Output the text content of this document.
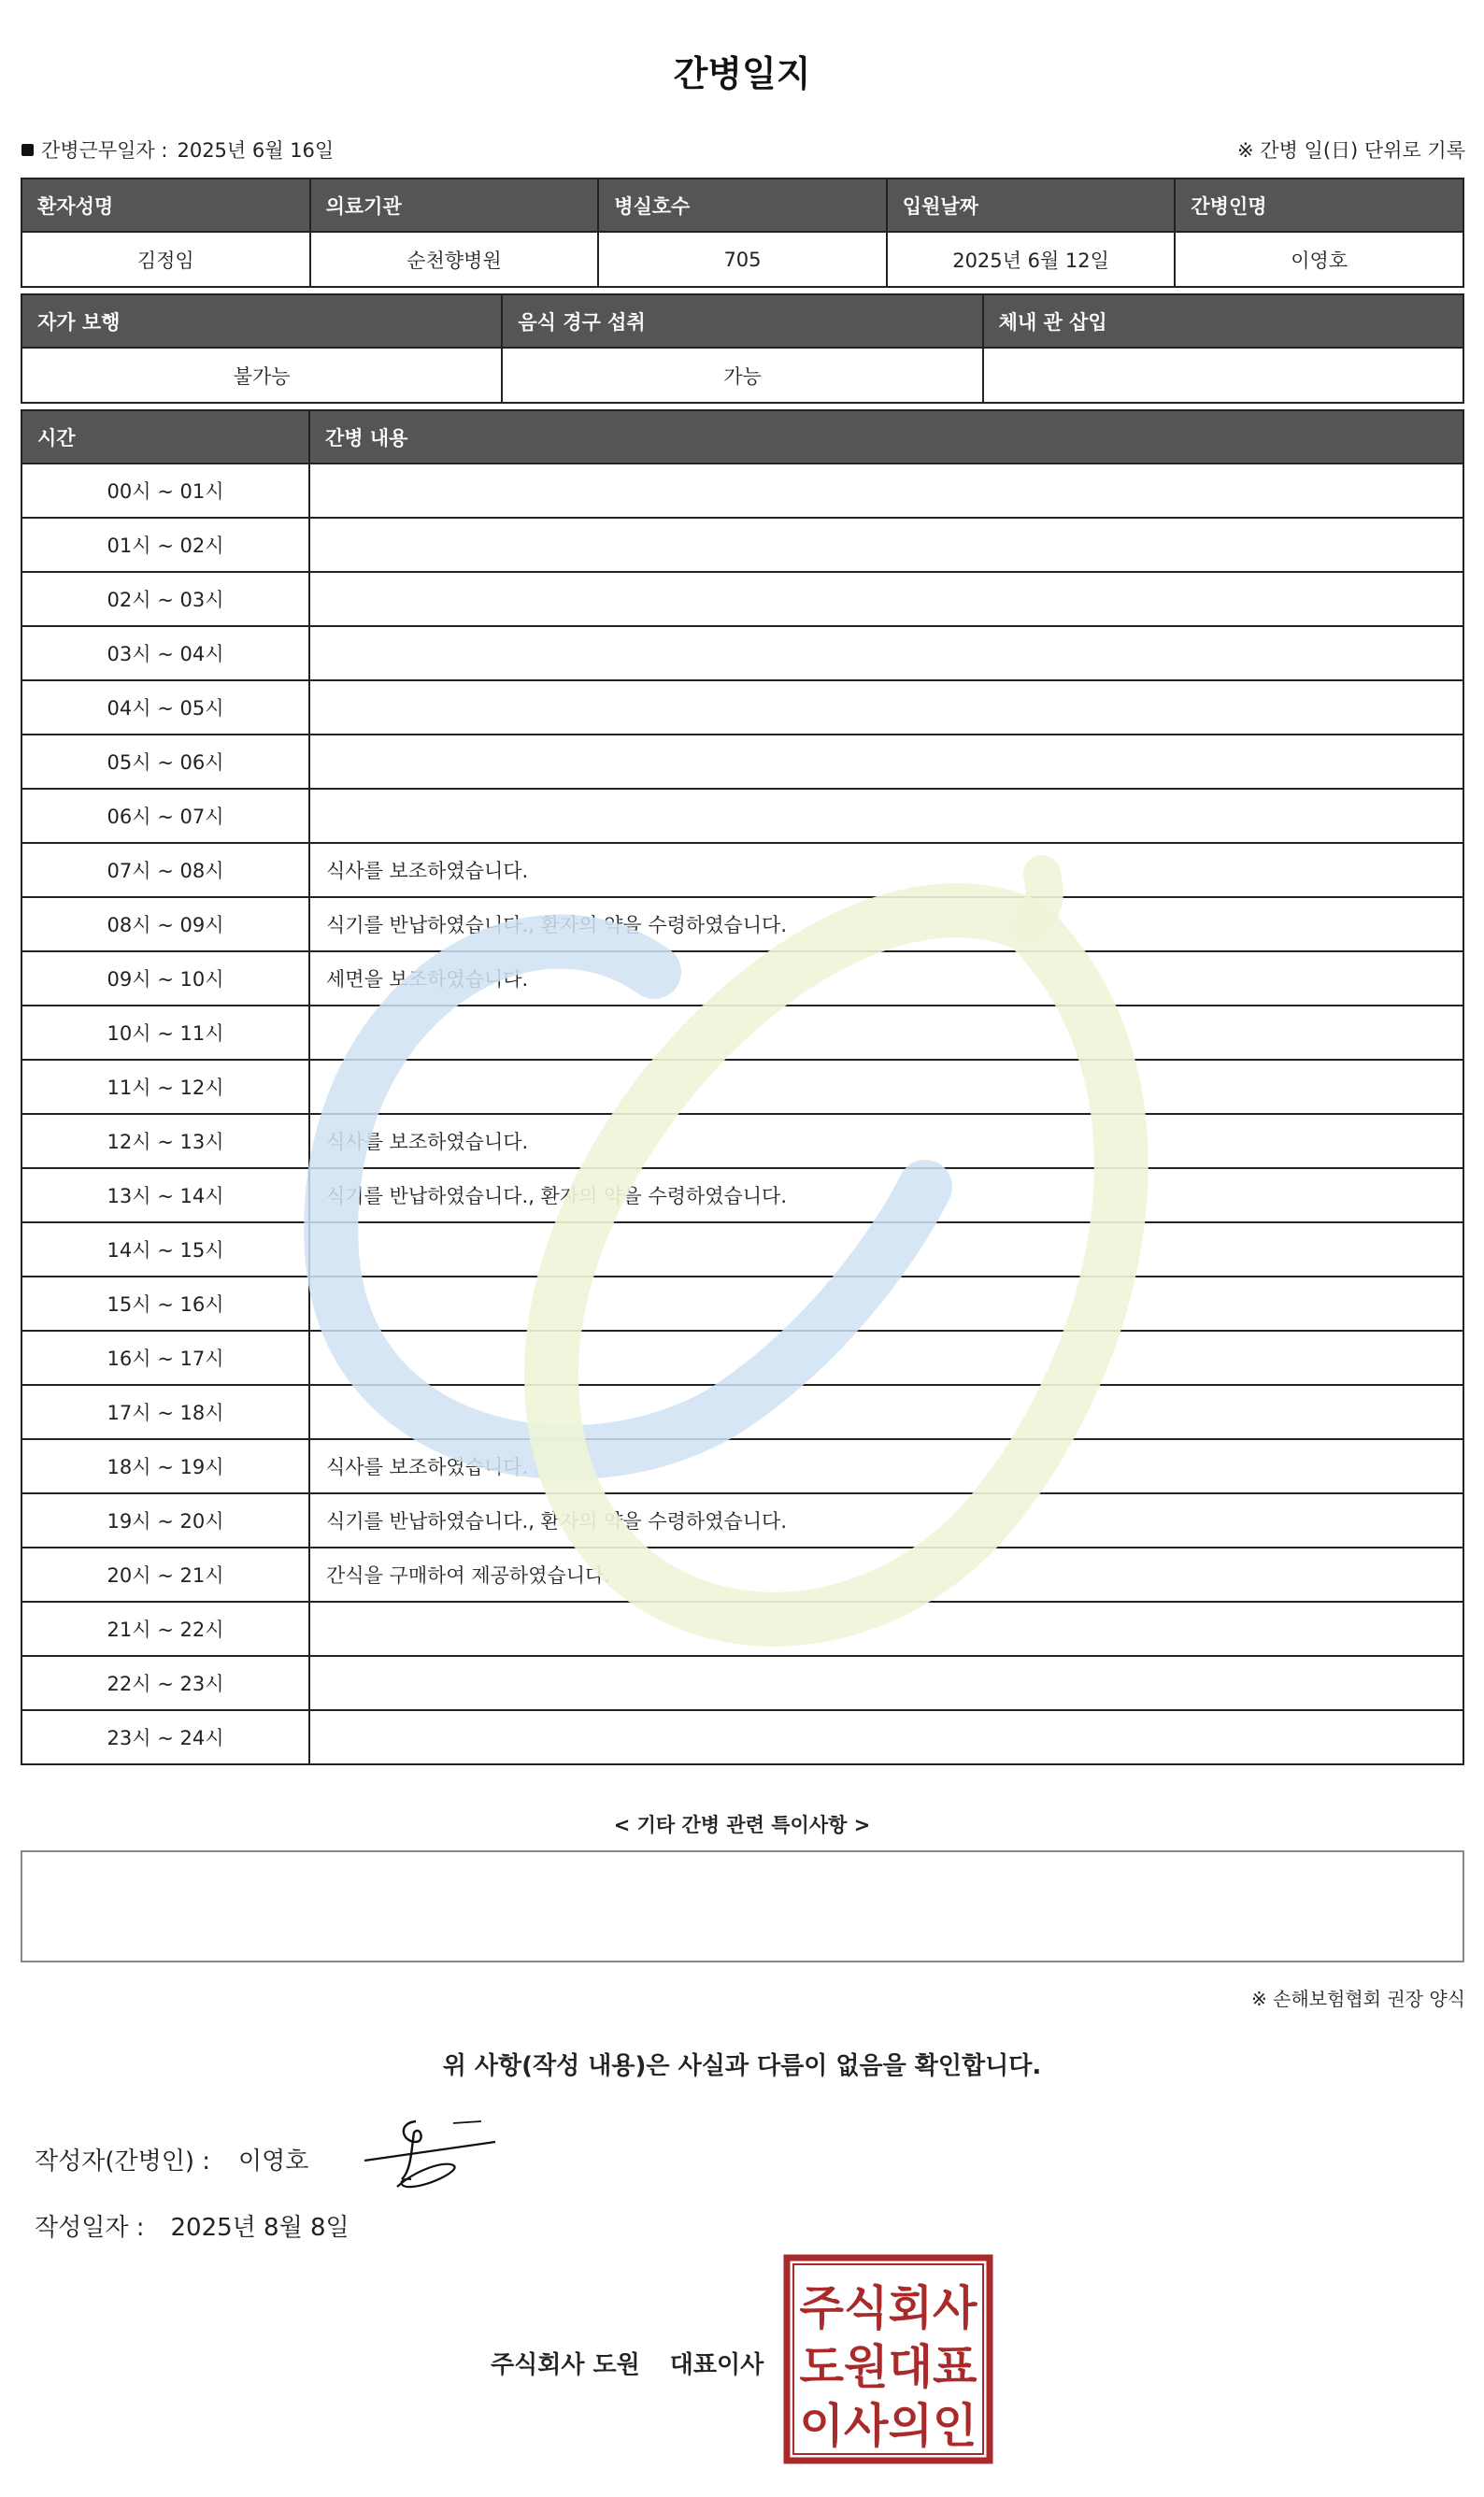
간병일지
간병근무일자 : 2025년 6월 16일	※ 간병 일(日) 단위로 기록
환자성명	의료기관	병실호수	입원날짜	간병인명
김정임	순천향병원	705	2025년 6월 12일	이영호
자가 보행	음식 경구 섭취	체내 관 삽입
불가능	가능	
시간	간병 내용
00시 ~ 01시	
01시 ~ 02시	
02시 ~ 03시	
03시 ~ 04시	
04시 ~ 05시	
05시 ~ 06시	
06시 ~ 07시	
07시 ~ 08시	식사를 보조하였습니다.
08시 ~ 09시	식기를 반납하였습니다., 환자의 약을 수령하였습니다.
09시 ~ 10시	세면을 보조하였습니다.
10시 ~ 11시	
11시 ~ 12시	
12시 ~ 13시	식사를 보조하였습니다.
13시 ~ 14시	식기를 반납하였습니다., 환자의 약을 수령하였습니다.
14시 ~ 15시	
15시 ~ 16시	
16시 ~ 17시	
17시 ~ 18시	
18시 ~ 19시	식사를 보조하였습니다.
19시 ~ 20시	식기를 반납하였습니다., 환자의 약을 수령하였습니다.
20시 ~ 21시	간식을 구매하여 제공하였습니다.
21시 ~ 22시	
22시 ~ 23시	
23시 ~ 24시	
< 기타 간병 관련 특이사항 >
※ 손해보험협회 권장 양식
위 사항(작성 내용)은 사실과 다름이 없음을 확인합니다.
작성자(간병인) : 이영호
작성일자 : 2025년 8월 8일
주식회사 도원 대표이사
주식회사
도원대표
이사의인
